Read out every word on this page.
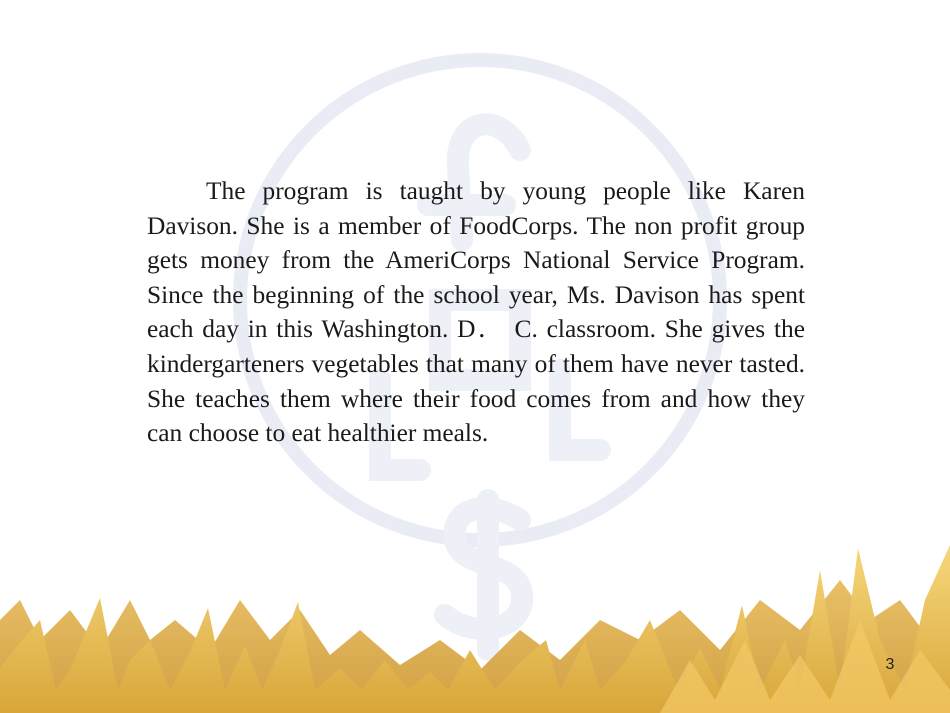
The program is taught by young people like Karen Davison. She is a member of FoodCorps. The non profit group gets money from the AmeriCorps National Service Program. Since the beginning of the school year, Ms. Davison has spent each day in this Washington. D． C. classroom. She gives the kindergarteners vegetables that many of them have never tasted. She teaches them where their food comes from and how they can choose to eat healthier meals.
3
